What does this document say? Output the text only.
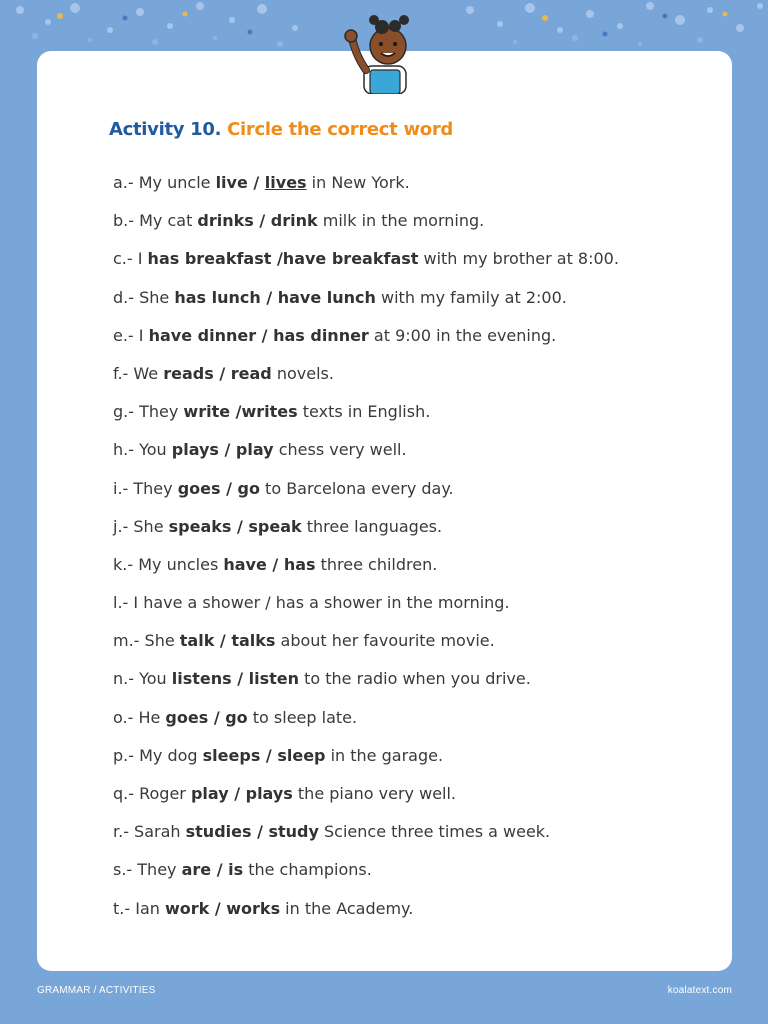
Activity 10. Circle the correct word
a.- My uncle live / lives in New York.
b.- My cat drinks / drink milk in the morning.
c.- I has breakfast /have breakfast with my brother at 8:00.
d.- She has lunch / have lunch with my family at 2:00.
e.- I have dinner / has dinner at 9:00 in the evening.
f.- We reads / read novels.
g.- They write /writes texts in English.
h.- You plays / play chess very well.
i.- They goes / go to Barcelona every day.
j.- She speaks / speak three languages.
k.- My uncles have / has three children.
l.- I have a shower / has a shower in the morning.
m.- She talk / talks about her favourite movie.
n.- You listens / listen to the radio when you drive.
o.- He goes / go to sleep late.
p.- My dog sleeps / sleep in the garage.
q.- Roger play / plays the piano very well.
r.- Sarah studies / study Science three times a week.
s.- They are / is the champions.
t.- Ian work / works in the Academy.
GRAMMAR / ACTIVITIES	koalatext.com
